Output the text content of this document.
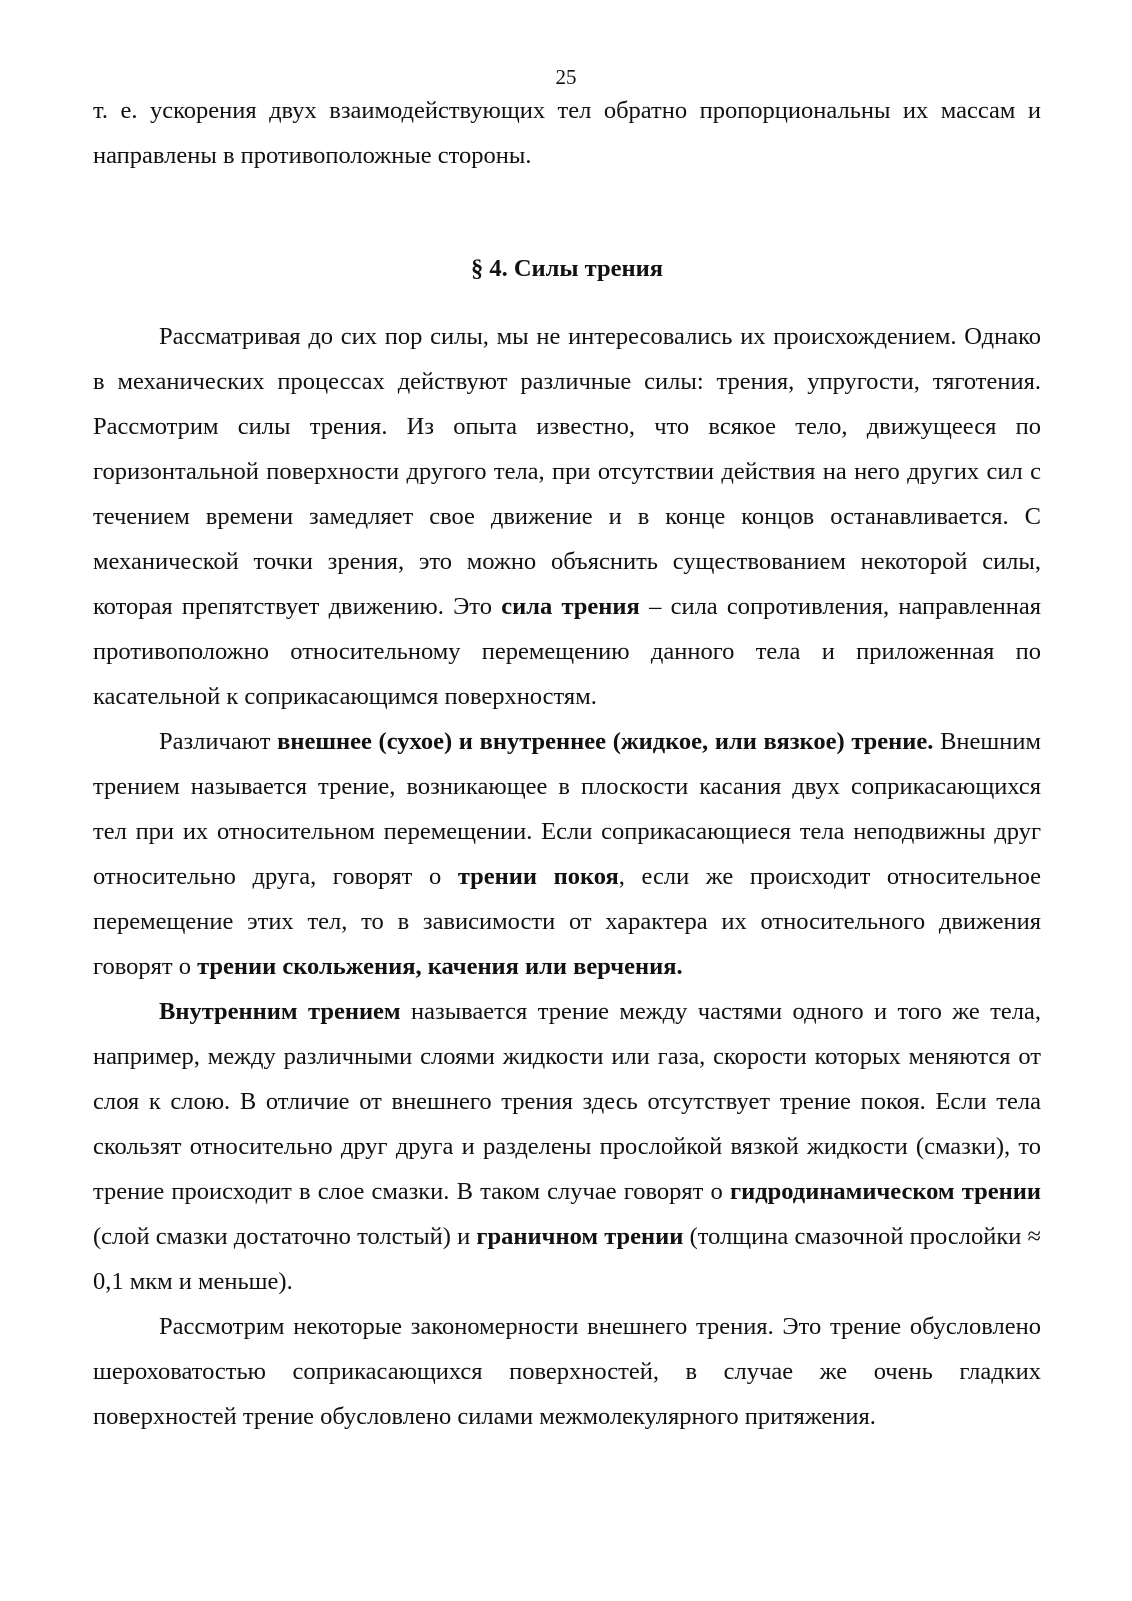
25

т. е. ускорения двух взаимодействующих тел обратно пропорциональны их массам и направлены в противоположные стороны.

§ 4. Силы трения

Рассматривая до сих пор силы, мы не интересовались их происхождением. Однако в механических процессах действуют различные силы: трения, упругости, тяготения. Рассмотрим силы трения. Из опыта известно, что всякое тело, движущееся по горизонтальной поверхности другого тела, при отсутствии действия на него других сил с течением времени замедляет свое движение и в конце концов останавливается. С механической точки зрения, это можно объяснить существованием некоторой силы, которая препятствует движению. Это сила трения – сила сопротивления, направленная противоположно относительному перемещению данного тела и приложенная по касательной к соприкасающимся поверхностям.

Различают внешнее (сухое) и внутреннее (жидкое, или вязкое) трение. Внешним трением называется трение, возникающее в плоскости касания двух соприкасающихся тел при их относительном перемещении. Если соприкасающиеся тела неподвижны друг относительно друга, говорят о трении покоя, если же происходит относительное перемещение этих тел, то в зависимости от характера их относительного движения говорят о трении скольжения, качения или верчения.

Внутренним трением называется трение между частями одного и того же тела, например, между различными слоями жидкости или газа, скорости которых меняются от слоя к слою. В отличие от внешнего трения здесь отсутствует трение покоя. Если тела скользят относительно друг друга и разделены прослойкой вязкой жидкости (смазки), то трение происходит в слое смазки. В таком случае говорят о гидродинамическом трении (слой смазки достаточно толстый) и граничном трении (толщина смазочной прослойки ≈ 0,1 мкм и меньше).

Рассмотрим некоторые закономерности внешнего трения. Это трение обусловлено шероховатостью соприкасающихся поверхностей, в случае же очень гладких поверхностей трение обусловлено силами межмолекулярного притяжения.
